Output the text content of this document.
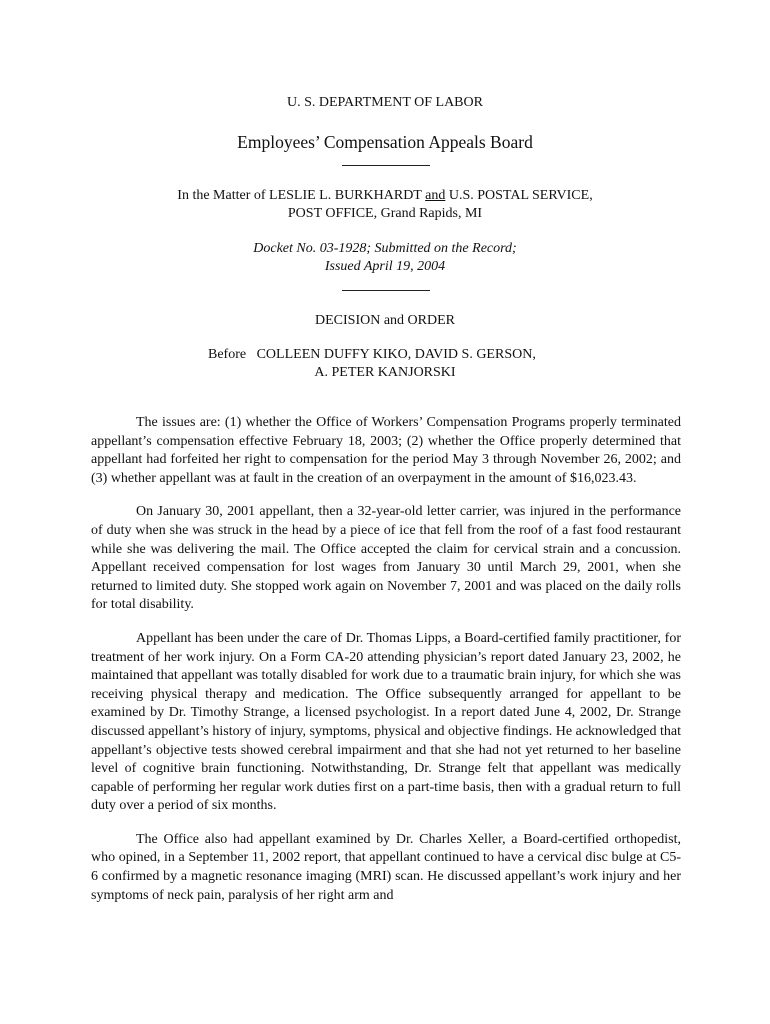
U. S. DEPARTMENT OF LABOR
Employees’ Compensation Appeals Board
In the Matter of LESLIE L. BURKHARDT and U.S. POSTAL SERVICE,
POST OFFICE, Grand Rapids, MI
Docket No. 03-1928; Submitted on the Record;
Issued April 19, 2004
DECISION and ORDER
Before   COLLEEN DUFFY KIKO, DAVID S. GERSON,
A. PETER KANJORSKI

The issues are: (1) whether the Office of Workers’ Compensation Programs properly terminated appellant’s compensation effective February 18, 2003; (2) whether the Office properly determined that appellant had forfeited her right to compensation for the period May 3 through November 26, 2002; and (3) whether appellant was at fault in the creation of an overpayment in the amount of $16,023.43.

On January 30, 2001 appellant, then a 32-year-old letter carrier, was injured in the performance of duty when she was struck in the head by a piece of ice that fell from the roof of a fast food restaurant while she was delivering the mail. The Office accepted the claim for cervical strain and a concussion. Appellant received compensation for lost wages from January 30 until March 29, 2001, when she returned to limited duty. She stopped work again on November 7, 2001 and was placed on the daily rolls for total disability.

Appellant has been under the care of Dr. Thomas Lipps, a Board-certified family practitioner, for treatment of her work injury. On a Form CA-20 attending physician’s report dated January 23, 2002, he maintained that appellant was totally disabled for work due to a traumatic brain injury, for which she was receiving physical therapy and medication. The Office subsequently arranged for appellant to be examined by Dr. Timothy Strange, a licensed psychologist. In a report dated June 4, 2002, Dr. Strange discussed appellant’s history of injury, symptoms, physical and objective findings. He acknowledged that appellant’s objective tests showed cerebral impairment and that she had not yet returned to her baseline level of cognitive brain functioning. Notwithstanding, Dr. Strange felt that appellant was medically capable of performing her regular work duties first on a part-time basis, then with a gradual return to full duty over a period of six months.

The Office also had appellant examined by Dr. Charles Xeller, a Board-certified orthopedist, who opined, in a September 11, 2002 report, that appellant continued to have a cervical disc bulge at C5-6 confirmed by a magnetic resonance imaging (MRI) scan. He discussed appellant’s work injury and her symptoms of neck pain, paralysis of her right arm and
